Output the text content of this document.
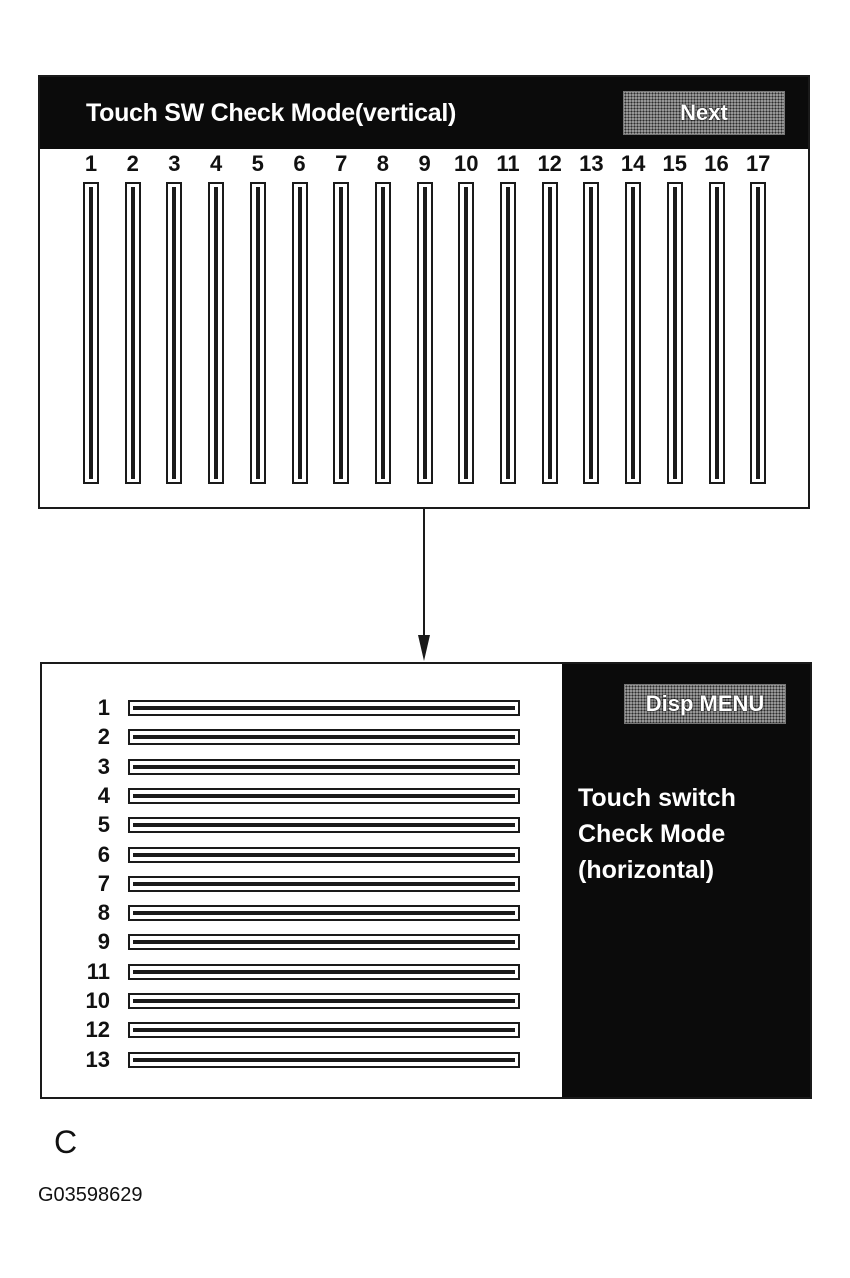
Touch SW Check Mode(vertical)	Next
1	2	3	4	5	6	7	8	9	10 11 12 13 14 15 16 17
1
2
3
4
5
6
7
8
9
11
10
12
13
Disp MENU
Touch switch
Check Mode
(horizontal)
C
G03598629
